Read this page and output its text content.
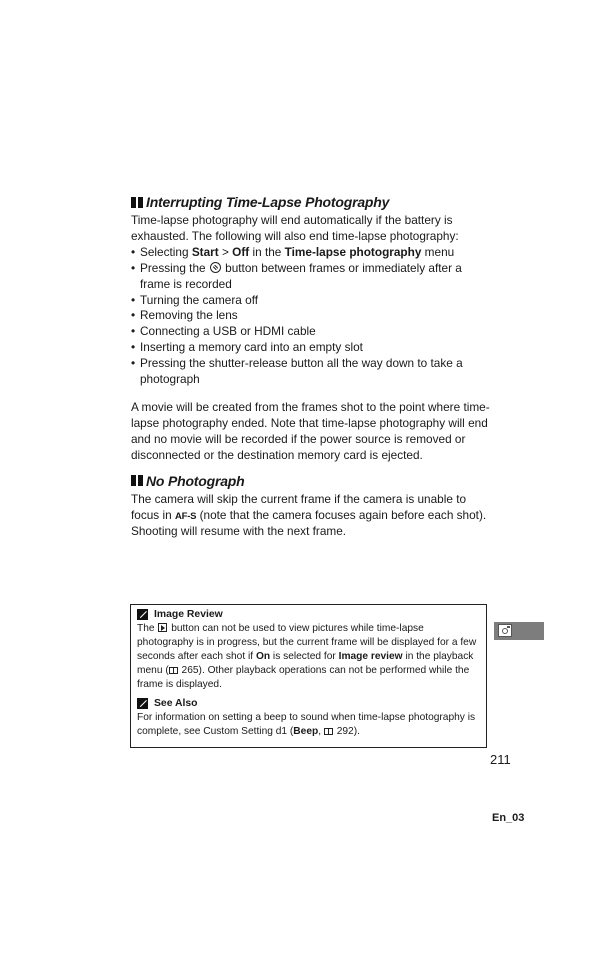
Interrupting Time-Lapse Photography

Time-lapse photography will end automatically if the battery is exhausted. The following will also end time-lapse photography:

• Selecting Start > Off in the Time-lapse photography menu
• Pressing the  button between frames or immediately after a frame is recorded
• Turning the camera off
• Removing the lens
• Connecting a USB or HDMI cable
• Inserting a memory card into an empty slot
• Pressing the shutter-release button all the way down to take a photograph

A movie will be created from the frames shot to the point where time-lapse photography ended. Note that time-lapse photography will end and no movie will be recorded if the power source is removed or disconnected or the destination memory card is ejected.

No Photograph

The camera will skip the current frame if the camera is unable to focus in AF-S (note that the camera focuses again before each shot). Shooting will resume with the next frame.

Image Review

The  button can not be used to view pictures while time-lapse photography is in progress, but the current frame will be displayed for a few seconds after each shot if On is selected for Image review in the playback menu ( 265). Other playback operations can not be performed while the frame is displayed.

See Also

For information on setting a beep to sound when time-lapse photography is complete, see Custom Setting d1 (Beep,  292).

211
En_03
